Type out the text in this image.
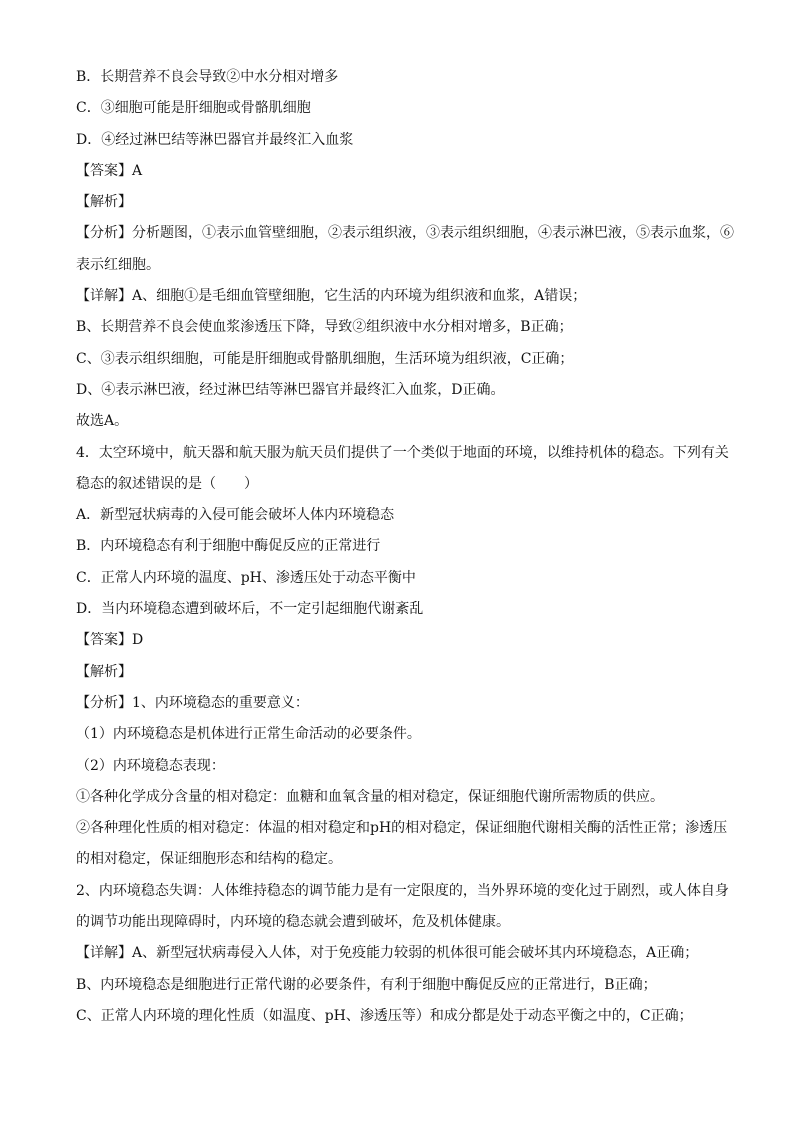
B．长期营养不良会导致②中水分相对增多
C．③细胞可能是肝细胞或骨骼肌细胞
D．④经过淋巴结等淋巴器官并最终汇入血浆
【答案】A
【解析】
【分析】分析题图，①表示血管壁细胞，②表示组织液，③表示组织细胞，④表示淋巴液，⑤表示血浆，⑥
表示红细胞。
【详解】A、细胞①是毛细血管壁细胞，它生活的内环境为组织液和血浆，A错误；
B、长期营养不良会使血浆渗透压下降，导致②组织液中水分相对增多，B正确；
C、③表示组织细胞，可能是肝细胞或骨骼肌细胞，生活环境为组织液，C正确；
D、④表示淋巴液，经过淋巴结等淋巴器官并最终汇入血浆，D正确。
故选A。
4．太空环境中，航天器和航天服为航天员们提供了一个类似于地面的环境，以维持机体的稳态。下列有关
稳态的叙述错误的是（　　）
A．新型冠状病毒的入侵可能会破坏人体内环境稳态
B．内环境稳态有利于细胞中酶促反应的正常进行
C．正常人内环境的温度、pH、渗透压处于动态平衡中
D．当内环境稳态遭到破坏后，不一定引起细胞代谢紊乱
【答案】D
【解析】
【分析】1、内环境稳态的重要意义：
（1）内环境稳态是机体进行正常生命活动的必要条件。
（2）内环境稳态表现：
①各种化学成分含量的相对稳定：血糖和血氧含量的相对稳定，保证细胞代谢所需物质的供应。
②各种理化性质的相对稳定：体温的相对稳定和pH的相对稳定，保证细胞代谢相关酶的活性正常；渗透压
的相对稳定，保证细胞形态和结构的稳定。
2、内环境稳态失调：人体维持稳态的调节能力是有一定限度的，当外界环境的变化过于剧烈，或人体自身
的调节功能出现障碍时，内环境的稳态就会遭到破坏，危及机体健康。
【详解】A、新型冠状病毒侵入人体，对于免疫能力较弱的机体很可能会破坏其内环境稳态，A正确；
B、内环境稳态是细胞进行正常代谢的必要条件，有利于细胞中酶促反应的正常进行，B正确；
C、正常人内环境的理化性质（如温度、pH、渗透压等）和成分都是处于动态平衡之中的，C正确；
